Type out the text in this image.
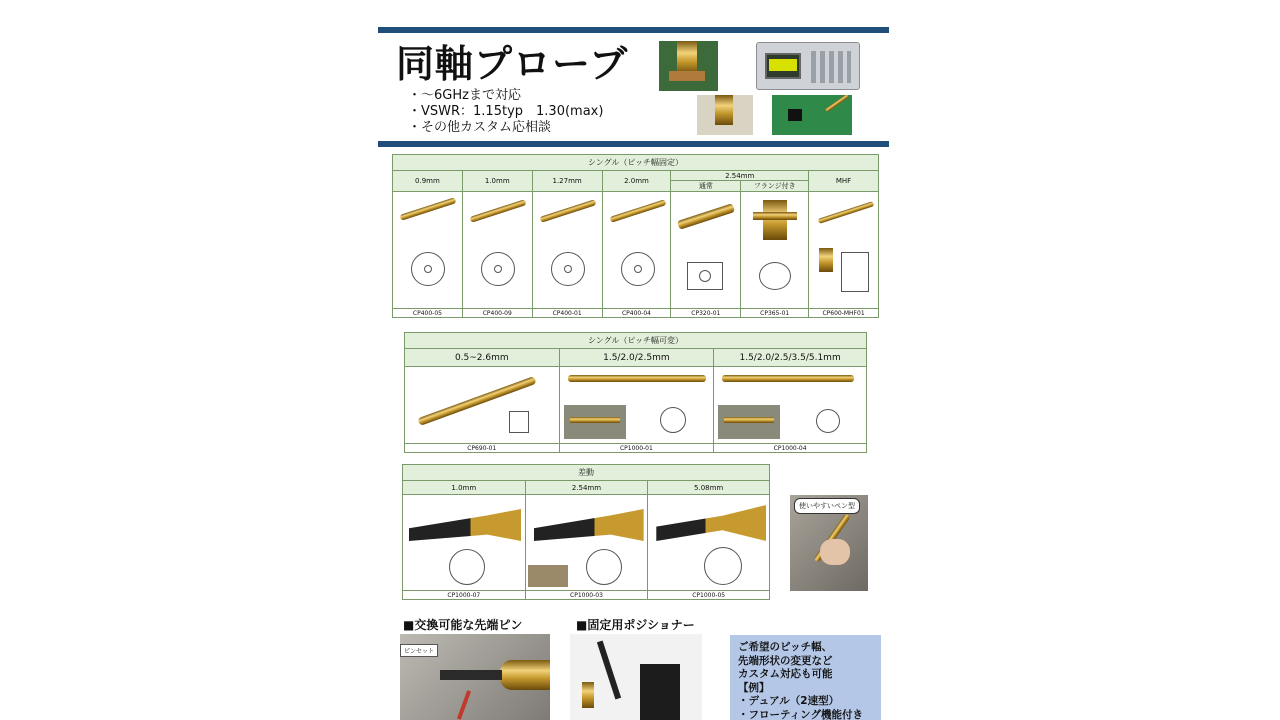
同軸プローブ
・～6GHzまで対応
・VSWR：1.15typ　1.30(max)
・その他カスタム応相談
シングル（ピッチ幅固定）						
0.9mm	1.0mm	1.27mm	2.0mm	2.54mm		MHF
				通常	フランジ付き	

CP400-05	CP400-09	CP400-01	CP400-04	CP320-01	CP365-01	CP600-MHF01
シングル（ピッチ幅可変）		
0.5~2.6mm	1.5/2.0/2.5mm	1.5/2.0/2.5/3.5/5.1mm

CP690-01	CP1000-01	CP1000-04
差動		
1.0mm	2.54mm	5.08mm

CP1000-07	CP1000-03	CP1000-05
使いやすいペン型
■交換可能な先端ピン	■固定用ポジショナー
ピンセット	ご希望のピッチ幅、
先端形状の変更など
カスタム対応も可能
【例】
・デュアル（2速型）
・フローティング機能付き
